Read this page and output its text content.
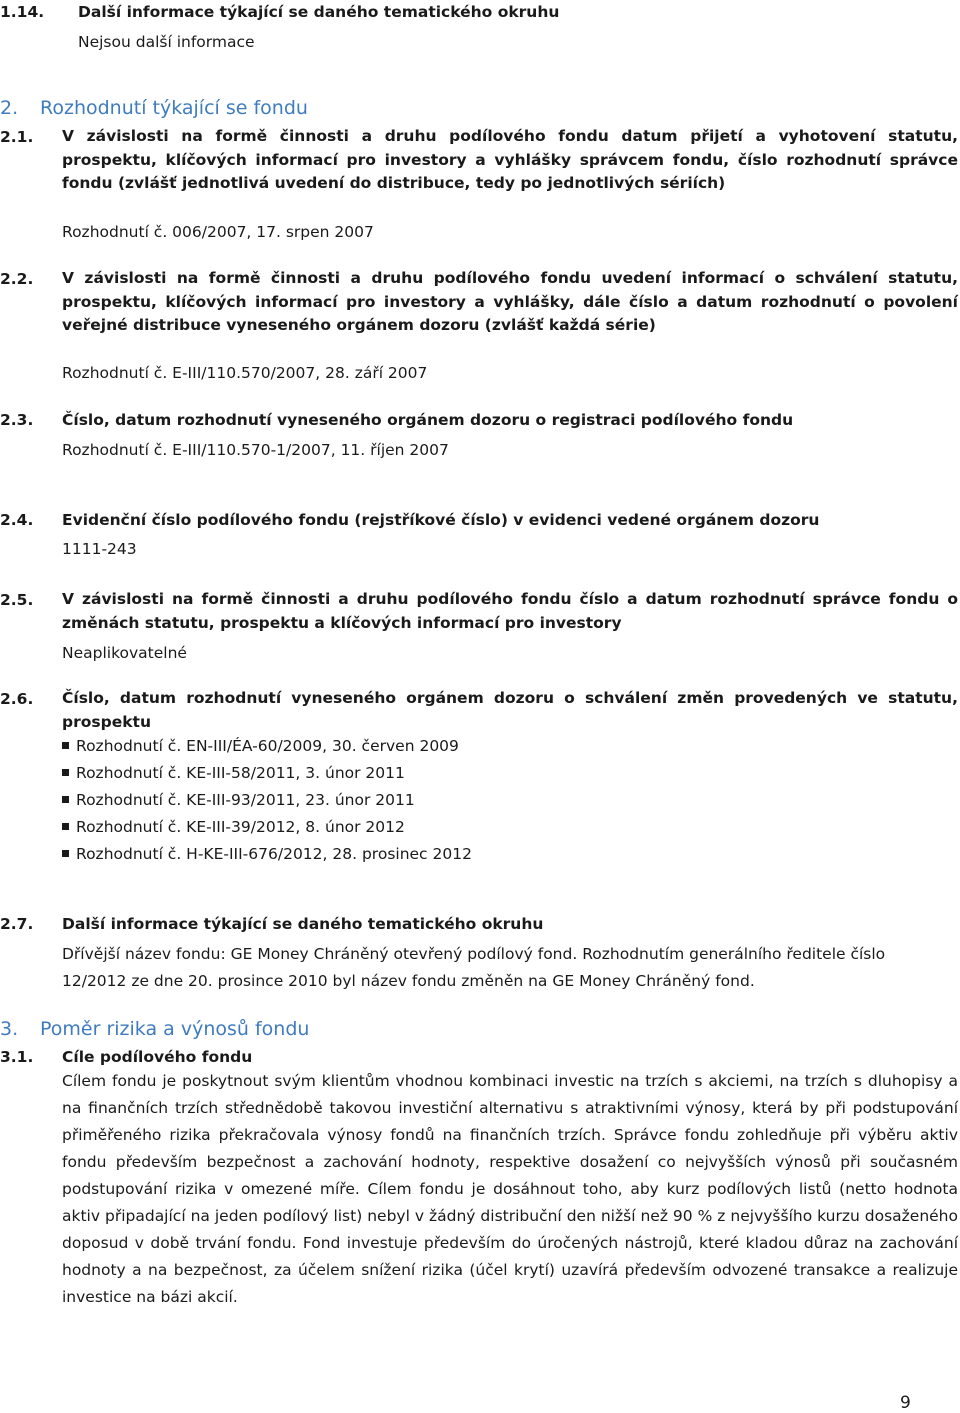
1.14. Další informace týkající se daného tematického okruhu
Nejsou další informace
2. Rozhodnutí týkající se fondu
2.1. V závislosti na formě činnosti a druhu podílového fondu datum přijetí a vyhotovení statutu, prospektu, klíčových informací pro investory a vyhlášky správcem fondu, číslo rozhodnutí správce fondu (zvlášť jednotlivá uvedení do distribuce, tedy po jednotlivých sériích)
Rozhodnutí č. 006/2007, 17. srpen 2007
2.2. V závislosti na formě činnosti a druhu podílového fondu uvedení informací o schválení statutu, prospektu, klíčových informací pro investory a vyhlášky, dále číslo a datum rozhodnutí o povolení veřejné distribuce vyneseného orgánem dozoru (zvlášť každá série)
Rozhodnutí č. E-III/110.570/2007, 28. září 2007
2.3. Číslo, datum rozhodnutí vyneseného orgánem dozoru o registraci podílového fondu
Rozhodnutí č. E-III/110.570-1/2007, 11. říjen 2007
2.4. Evidenční číslo podílového fondu (rejstříkové číslo) v evidenci vedené orgánem dozoru
1111-243
2.5. V závislosti na formě činnosti a druhu podílového fondu číslo a datum rozhodnutí správce fondu o změnách statutu, prospektu a klíčových informací pro investory
Neaplikovatelné
2.6. Číslo, datum rozhodnutí vyneseného orgánem dozoru o schválení změn provedených ve statutu, prospektu
Rozhodnutí č. EN-III/ÉA-60/2009, 30. červen 2009
Rozhodnutí č. KE-III-58/2011, 3. únor 2011
Rozhodnutí č. KE-III-93/2011, 23. únor 2011
Rozhodnutí č. KE-III-39/2012, 8. únor 2012
Rozhodnutí č. H-KE-III-676/2012, 28. prosinec 2012
2.7. Další informace týkající se daného tematického okruhu
Dřívější název fondu: GE Money Chráněný otevřený podílový fond. Rozhodnutím generálního ředitele číslo 12/2012 ze dne 20. prosince 2010 byl název fondu změněn na GE Money Chráněný fond.
3. Poměr rizika a výnosů fondu
3.1. Cíle podílového fondu
Cílem fondu je poskytnout svým klientům vhodnou kombinaci investic na trzích s akciemi, na trzích s dluhopisy a na finančních trzích střednědobě takovou investiční alternativu s atraktivními výnosy, která by při podstupování přiměřeného rizika překračovala výnosy fondů na finančních trzích. Správce fondu zohledňuje při výběru aktiv fondu především bezpečnost a zachování hodnoty, respektive dosažení co nejvyšších výnosů při současném podstupování rizika v omezené míře. Cílem fondu je dosáhnout toho, aby kurz podílových listů (netto hodnota aktiv připadající na jeden podílový list) nebyl v žádný distribuční den nižší než 90 % z nejvyššího kurzu dosaženého doposud v době trvání fondu. Fond investuje především do úročených nástrojů, které kladou důraz na zachování hodnoty a na bezpečnost, za účelem snížení rizika (účel krytí) uzavírá především odvozené transakce a realizuje investice na bázi akcií.
9
